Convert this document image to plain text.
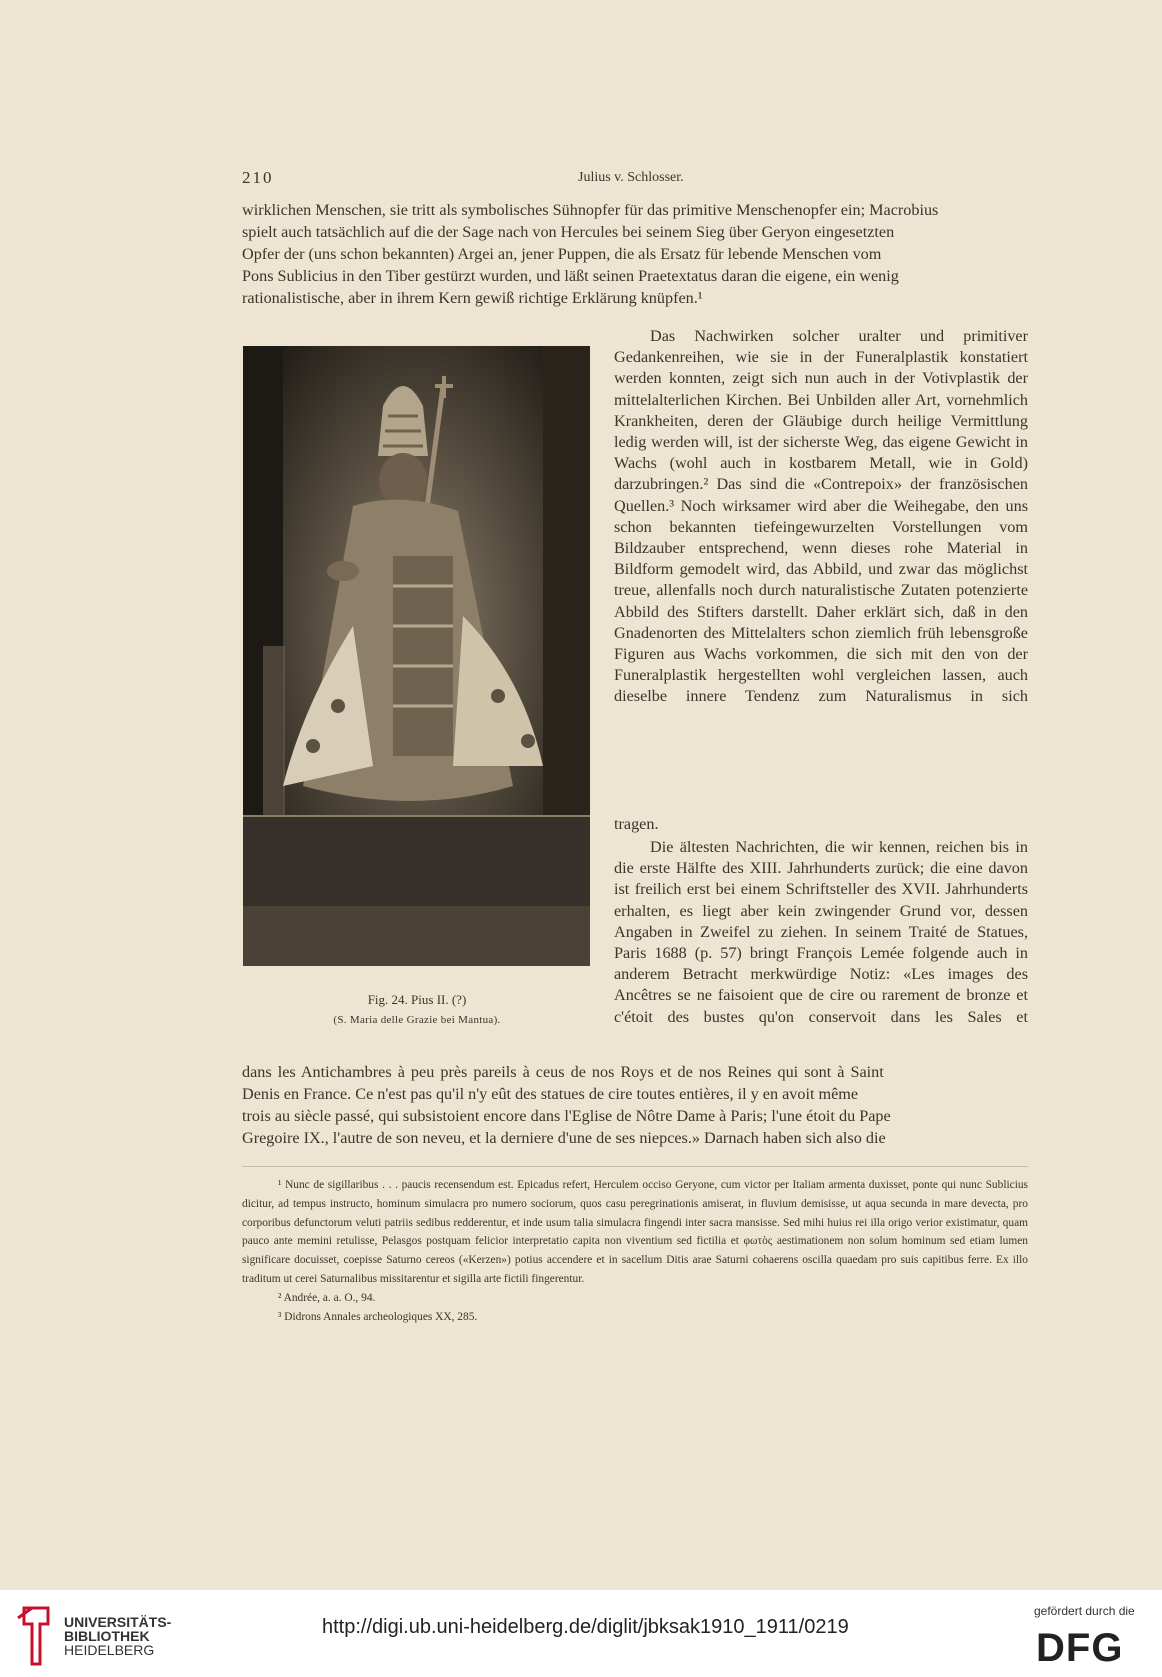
210	Julius v. Schlosser.
wirklichen Menschen, sie tritt als symbolisches Sühnopfer für das primitive Menschenopfer ein; Macrobius
spielt auch tatsächlich auf die der Sage nach von Hercules bei seinem Sieg über Geryon eingesetzten
Opfer der (uns schon bekannten) Argei an, jener Puppen, die als Ersatz für lebende Menschen vom
Pons Sublicius in den Tiber gestürzt wurden, und läßt seinen Praetextatus daran die eigene, ein wenig
rationalistische, aber in ihrem Kern gewiß richtige Erklärung knüpfen.¹
Fig. 24. Pius II. (?)
(S. Maria delle Grazie bei Mantua).
Das Nachwirken solcher uralter und primitiver Gedankenreihen, wie sie in der Funeralplastik konstatiert werden konnten, zeigt sich nun auch in der Votivplastik der mittelalterlichen Kirchen. Bei Unbilden aller Art, vornehmlich Krankheiten, deren der Gläubige durch heilige Vermittlung ledig werden will, ist der sicherste Weg, das eigene Gewicht in Wachs (wohl auch in kostbarem Metall, wie in Gold) darzubringen.² Das sind die «Contrepoix» der französischen Quellen.³ Noch wirksamer wird aber die Weihegabe, den uns schon bekannten tiefeingewurzelten Vorstellungen vom Bildzauber entsprechend, wenn dieses rohe Material in Bildform gemodelt wird, das Abbild, und zwar das möglichst treue, allenfalls noch durch naturalistische Zutaten potenzierte Abbild des Stifters darstellt. Daher erklärt sich, daß in den Gnadenorten des Mittelalters schon ziemlich früh lebensgroße Figuren aus Wachs vorkommen, die sich mit den von der Funeralplastik hergestellten wohl vergleichen lassen, auch dieselbe innere Tendenz zum Naturalismus in sich
tragen.
Die ältesten Nachrichten, die wir kennen, reichen bis in die erste Hälfte des XIII. Jahrhunderts zurück; die eine davon ist freilich erst bei einem Schriftsteller des XVII. Jahrhunderts erhalten, es liegt aber kein zwingender Grund vor, dessen Angaben in Zweifel zu ziehen. In seinem Traité de Statues, Paris 1688 (p. 57) bringt François Lemée folgende auch in anderem Betracht merkwürdige Notiz: «Les images des Ancêtres se ne faisoient que de cire ou rarement de bronze et c'étoit des bustes qu'on conservoit dans les Sales et
dans les Antichambres à peu près pareils à ceus de nos Roys et de nos Reines qui sont à Saint
Denis en France. Ce n'est pas qu'il n'y eût des statues de cire toutes entières, il y en avoit même
trois au siècle passé, qui subsistoient encore dans l'Eglise de Nôtre Dame à Paris; l'une étoit du Pape
Gregoire IX., l'autre de son neveu, et la derniere d'une de ses niepces.» Darnach haben sich also die

¹ Nunc de sigillaribus . . . paucis recensendum est. Epicadus refert, Herculem occiso Geryone, cum victor per Italiam armenta duxisset, ponte qui nunc Sublicius dicitur, ad tempus instructo, hominum simulacra pro numero sociorum, quos casu peregrinationis amiserat, in fluvium demisisse, ut aqua secunda in mare devecta, pro corporibus defunctorum veluti patriis sedibus redderentur, et inde usum talia simulacra fingendi inter sacra mansisse. Sed mihi huius rei illa origo verior existimatur, quam pauco ante memini retulisse, Pelasgos postquam felicior interpretatio capita non viventium sed fictilia et φωτὸς aestimationem non solum hominum sed etiam lumen significare docuisset, coepisse Saturno cereos («Kerzen») potius accendere et in sacellum Ditis arae Saturni cohaerens oscilla quaedam pro suis capitibus ferre. Ex illo traditum ut cerei Saturnalibus missitarentur et sigilla arte fictili fingerentur.

² Andrée, a. a. O., 94.

³ Didrons Annales archeologiques XX, 285.

UNIVERSITÄTS-
BIBLIOTHEK
HEIDELBERG
http://digi.ub.uni-heidelberg.de/diglit/jbksak1910_1911/0219
gefördert durch die
DFG
